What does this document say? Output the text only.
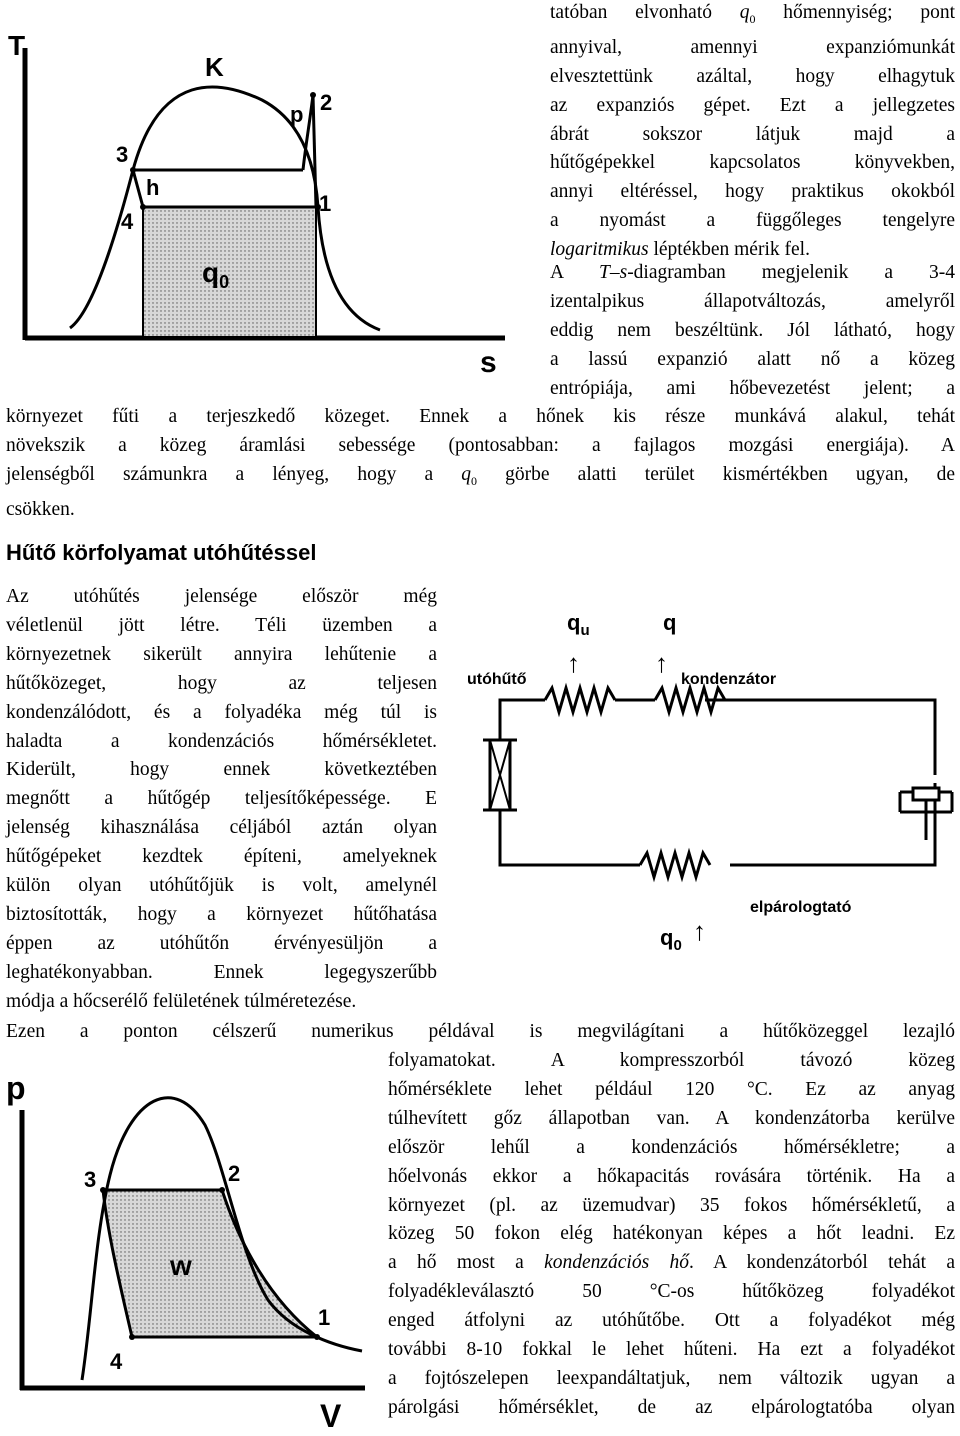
T
s
K
p 2
1
3
4
h
$q_0$
tatóban elvonható $q_0$ hőmennyiség; pont
annyival, amennyi expanziómunkát
elvesztettünk azáltal, hogy elhagytuk
az expanziós gépet. Ezt a jellegzetes
ábrát sokszor látjuk majd a
hűtőgépekkel kapcsolatos könyvekben,
annyi eltéréssel, hogy praktikus okokból
a nyomást a függőleges tengelyre
logaritmikus léptékben mérik fel.
A T–s-diagramban megjelenik a 3-4
izentalpikus állapotváltozás, amelyről
eddig nem beszéltünk. Jól látható, hogy
a lassú expanzió alatt nő a közeg
entrópiája, ami hőbevezetést jelent; a
környezet fűti a terjeszkedő közeget. Ennek a hőnek kis része munkává alakul, tehát
növekszik a közeg áramlási sebessége (pontosabban: a fajlagos mozgási energiája). A
jelenségből számunkra a lényeg, hogy a $q_0$ görbe alatti terület kismértékben ugyan, de
csökken.
Hűtő körfolyamat utóhűtéssel
Az utóhűtés jelensége először még
véletlenül jött létre. Téli üzemben a
környezetnek sikerült annyira lehűtenie a
hűtőközeget, hogy az teljesen
kondenzálódott, és a folyadéka még túl is
haladta a kondenzációs hőmérsékletet.
Kiderült, hogy ennek következtében
megnőtt a hűtőgép teljesítőképessége. E
jelenség kihasználása céljából aztán olyan
hűtőgépeket kezdtek építeni, amelyeknek
külön olyan utóhűtőjük is volt, amelynél
biztosították, hogy a környezet hűtőhatása
éppen az utóhűtőn érvényesüljön a
leghatékonyabban. Ennek legegyszerűbb
módja a hőcserélő felületének túlméretezése.
$q_u$	q
↑	↑
utóhűtő	kondenzátor
elpárologtató
$q_0$ ↑
Ezen a ponton célszerű numerikus példával is megvilágítani a hűtőközeggel lezajló
folyamatokat. A kompresszorból távozó közeg
hőmérséklete lehet például 120 °C. Ez az anyag
túlhevített gőz állapotban van. A kondenzátorba kerülve
először lehűl a kondenzációs hőmérsékletre; a
hőelvonás ekkor a hőkapacitás rovására történik. Ha a
környezet (pl. az üzemudvar) 35 fokos hőmérsékletű, a
közeg 50 fokon elég hatékonyan képes a hőt leadni. Ez
a hő most a kondenzációs hő. A kondenzátorból tehát a
folyadékleválasztó 50 °C-os hűtőközeg folyadékot
enged átfolyni az utóhűtőbe. Ott a folyadékot még
további 8-10 fokkal le lehet hűteni. Ha ezt a folyadékot
a fojtószelepen leexpandáltatjuk, nem változik ugyan a
párolgási hőmérséklet, de az elpárologtatóba olyan
p
V
2
3
1
4
w
